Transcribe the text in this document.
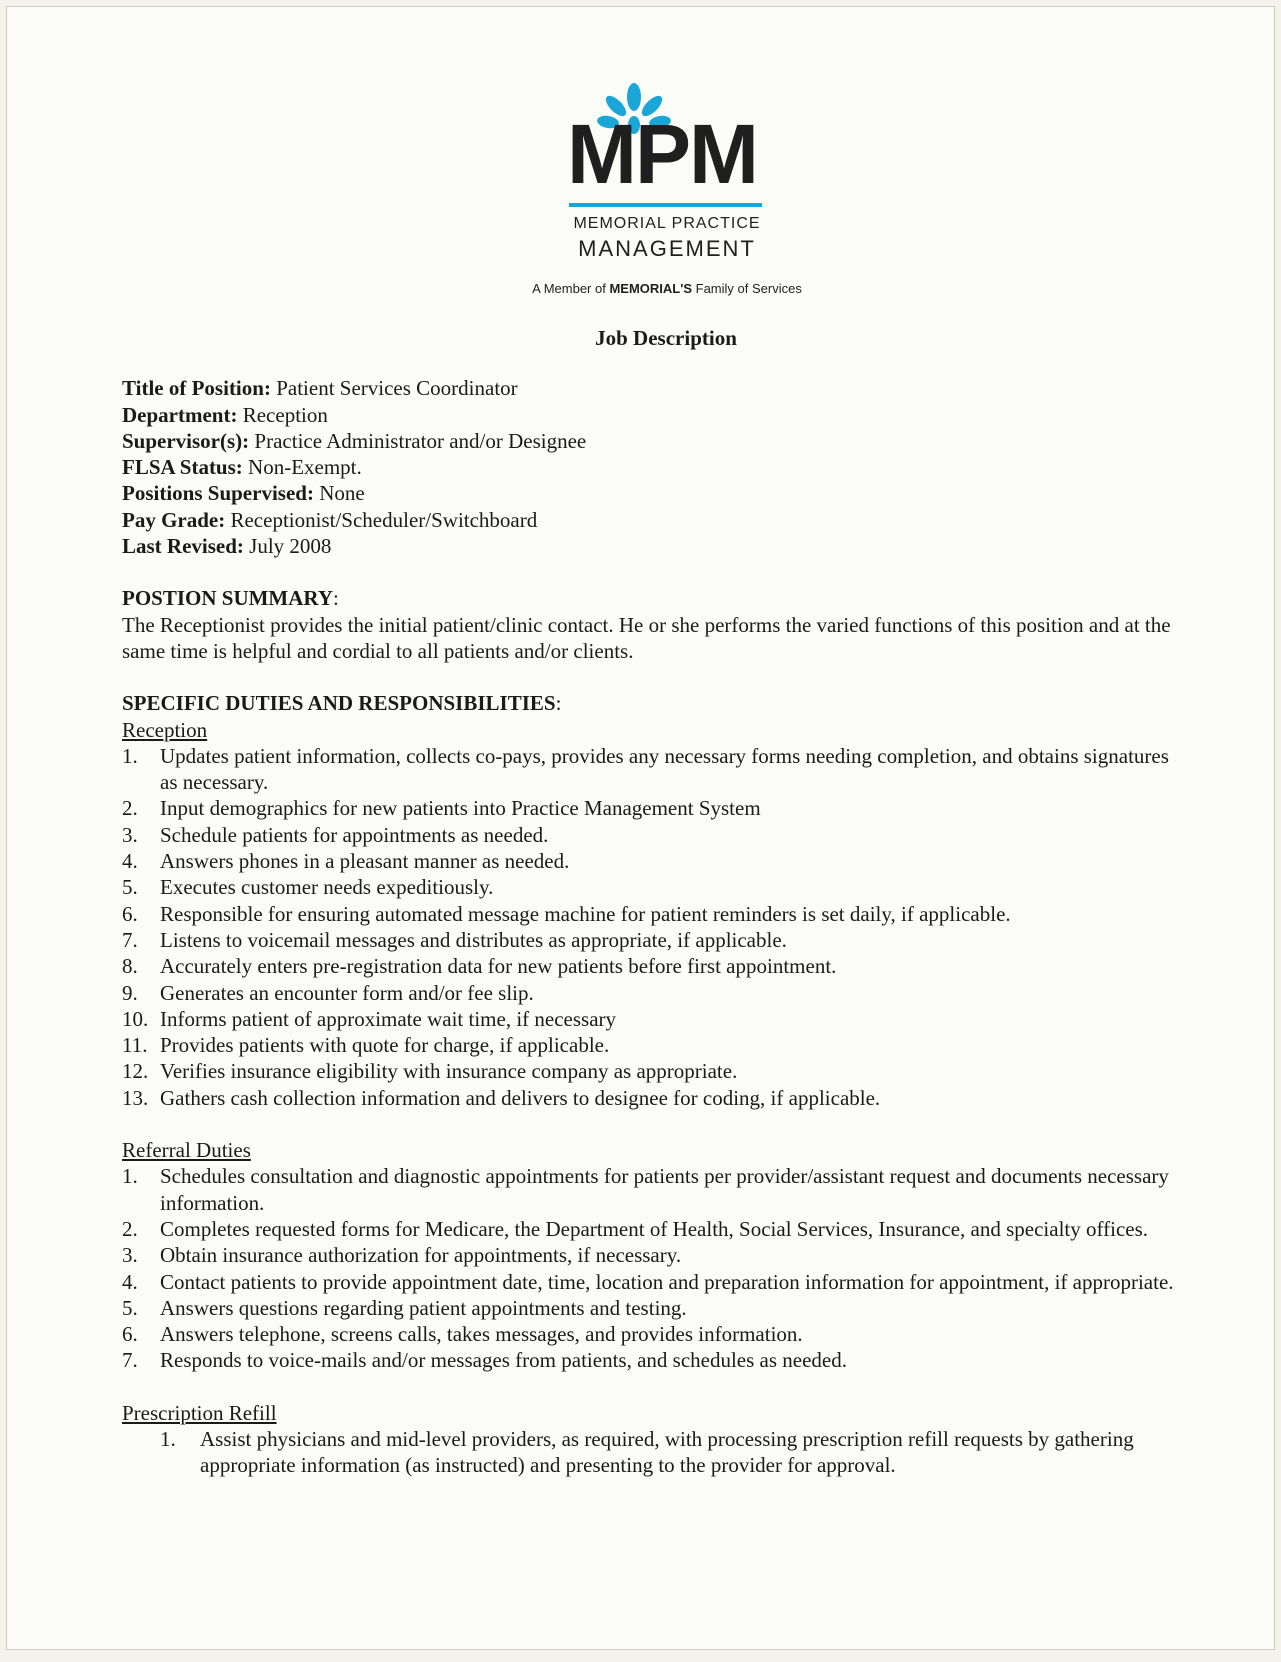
MPM
MEMORIAL PRACTICE
MANAGEMENT
A Member of MEMORIAL'S Family of Services
Job Description
Title of Position: Patient Services Coordinator
Department: Reception
Supervisor(s): Practice Administrator and/or Designee
FLSA Status: Non-Exempt.
Positions Supervised: None
Pay Grade: Receptionist/Scheduler/Switchboard
Last Revised: July 2008
POSTION SUMMARY:
The Receptionist provides the initial patient/clinic contact. He or she performs the varied functions of this position and at the same time is helpful and cordial to all patients and/or clients.
SPECIFIC DUTIES AND RESPONSIBILITIES:
Reception
1. Updates patient information, collects co-pays, provides any necessary forms needing completion, and obtains signatures as necessary.
2. Input demographics for new patients into Practice Management System
3. Schedule patients for appointments as needed.
4. Answers phones in a pleasant manner as needed.
5. Executes customer needs expeditiously.
6. Responsible for ensuring automated message machine for patient reminders is set daily, if applicable.
7. Listens to voicemail messages and distributes as appropriate, if applicable.
8. Accurately enters pre-registration data for new patients before first appointment.
9. Generates an encounter form and/or fee slip.
10. Informs patient of approximate wait time, if necessary
11. Provides patients with quote for charge, if applicable.
12. Verifies insurance eligibility with insurance company as appropriate.
13. Gathers cash collection information and delivers to designee for coding, if applicable.
Referral Duties
1. Schedules consultation and diagnostic appointments for patients per provider/assistant request and documents necessary information.
2. Completes requested forms for Medicare, the Department of Health, Social Services, Insurance, and specialty offices.
3. Obtain insurance authorization for appointments, if necessary.
4. Contact patients to provide appointment date, time, location and preparation information for appointment, if appropriate.
5. Answers questions regarding patient appointments and testing.
6. Answers telephone, screens calls, takes messages, and provides information.
7. Responds to voice-mails and/or messages from patients, and schedules as needed.
Prescription Refill
1. Assist physicians and mid-level providers, as required, with processing prescription refill requests by gathering appropriate information (as instructed) and presenting to the provider for approval.
